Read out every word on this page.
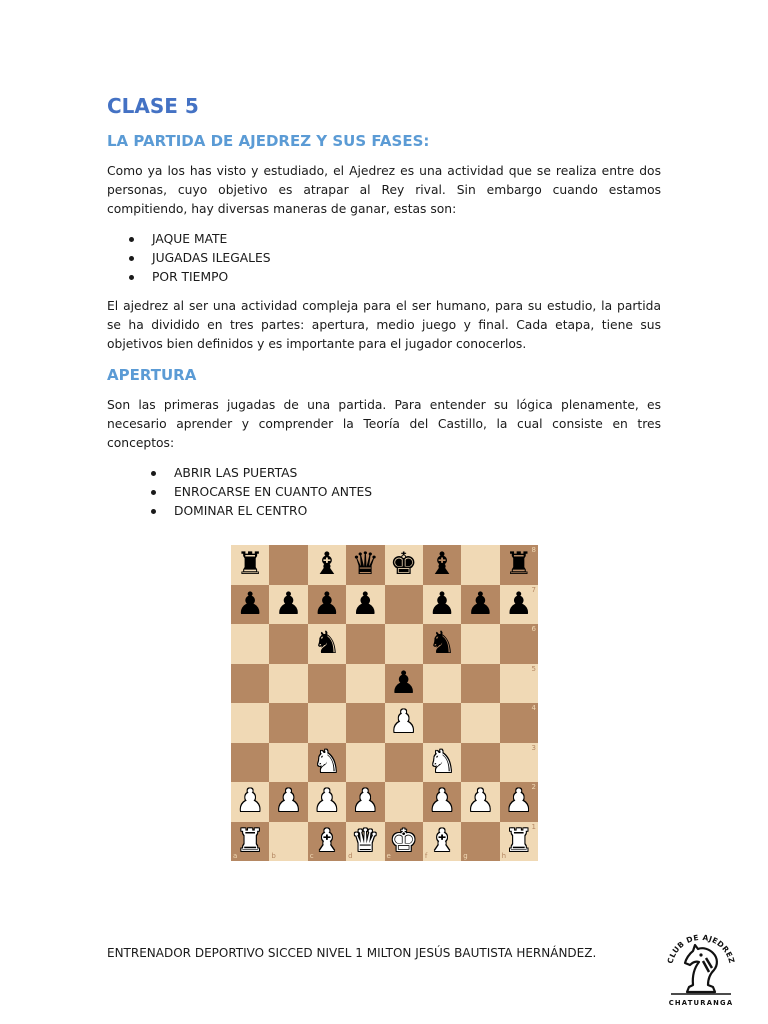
CLASE 5
LA PARTIDA DE AJEDREZ Y SUS FASES:

Como ya los has visto y estudiado, el Ajedrez es una actividad que se realiza entre dos personas, cuyo objetivo es atrapar al Rey rival. Sin embargo cuando estamos compitiendo, hay diversas maneras de ganar, estas son:

JAQUE MATE
JUGADAS ILEGALES
POR TIEMPO

El ajedrez al ser una actividad compleja para el ser humano, para su estudio, la partida se ha dividido en tres partes: apertura, medio juego y final. Cada etapa, tiene sus objetivos bien definidos y es importante para el jugador conocerlos.

APERTURA

Son las primeras jugadas de una partida. Para entender su lógica plenamente, es necesario aprender y comprender la Teoría del Castillo, la cual consiste en tres conceptos:

ABRIR LAS PUERTAS
ENROCARSE EN CUANTO ANTES
DOMINAR EL CENTRO
♜ ♝ ♛ ♚ ♝ ♜
8
♟ ♟ ♟ ♟ ♟ ♟ ♟
7
♞	♞	6
♟	5
♟	4
♞	♞	3
♟ ♟ ♟ ♟ ♟ ♟ ♟
2
♜
a	b ♝
c ♛
d ♚
e ♝
f	g ♜
1
h
ENTRENADOR DEPORTIVO SICCED NIVEL 1 MILTON JESÚS BAUTISTA HERNÁNDEZ.
CLUB DE AJEDREZ
CHATURANGA
